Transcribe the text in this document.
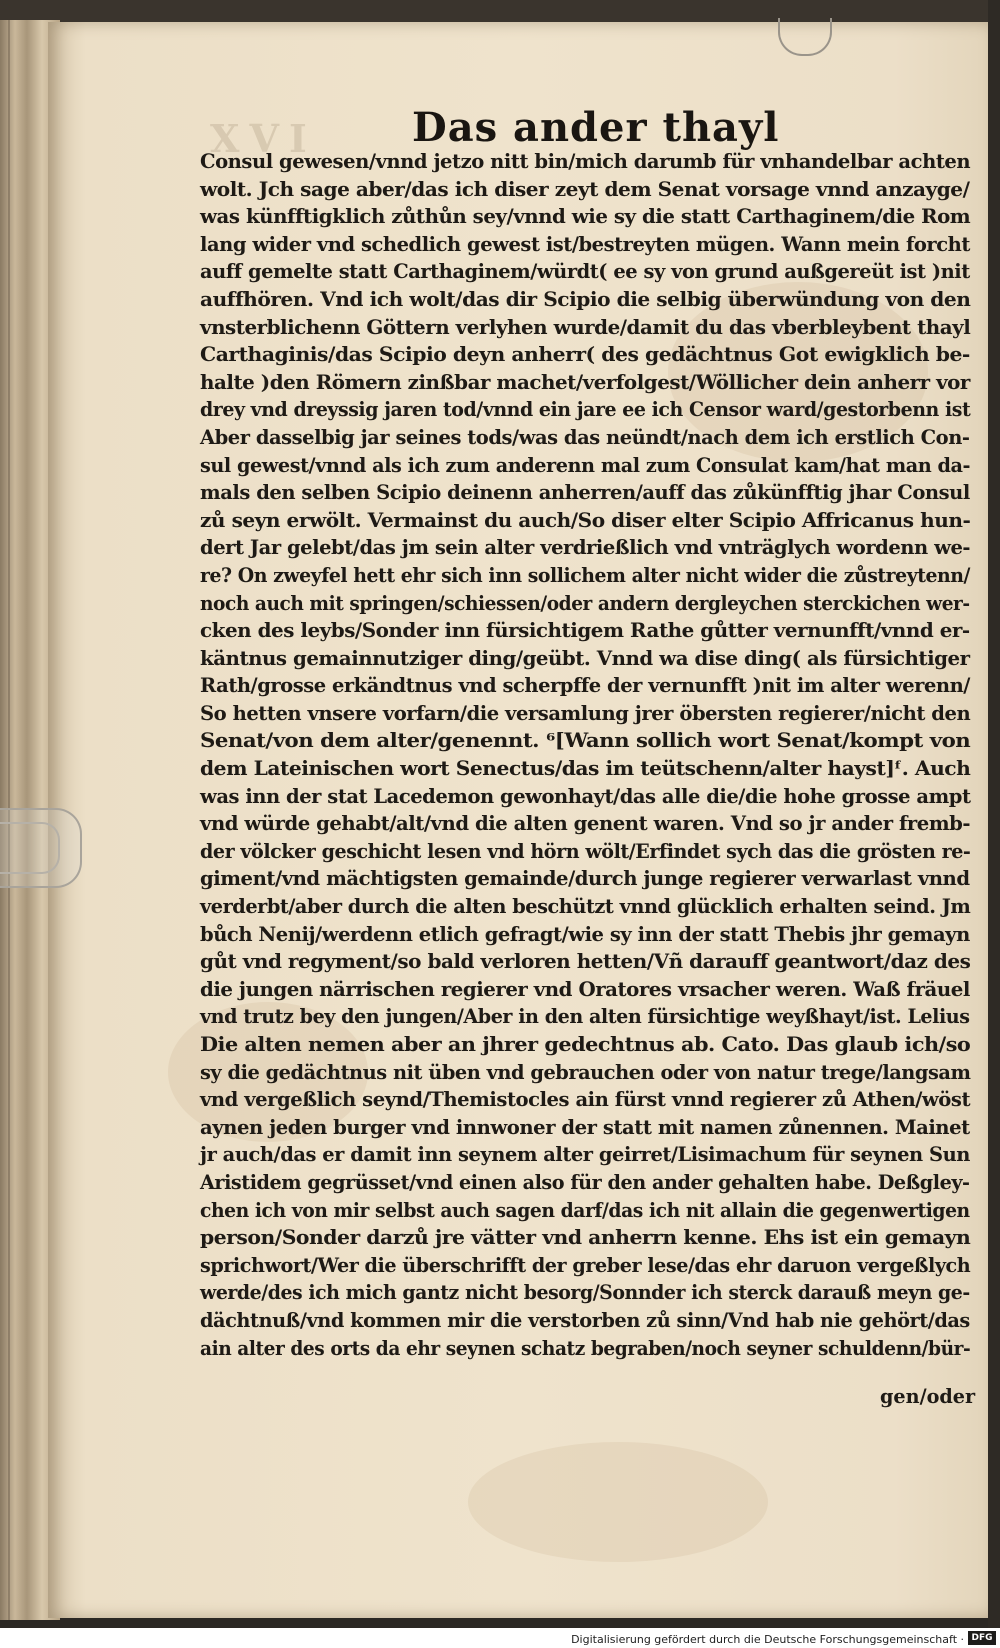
XVI Das ander thayl
Consul gewesen/vnnd jetzo nitt bin/mich darumb für vnhandelbar achten
wolt. Jch sage aber/das ich diser zeyt dem Senat vorsage vnnd anzayge/
was künfftigklich zůthůn sey/vnnd wie sy die statt Carthaginem/die Rom
lang wider vnd schedlich gewest ist/bestreyten mügen. Wann mein forcht
auff gemelte statt Carthaginem/würdt( ee sy von grund außgereüt ist )nit
auffhören. Vnd ich wolt/das dir Scipio die selbig überwündung von den
vnsterblichenn Göttern verlyhen wurde/damit du das vberbleybent thayl
Carthaginis/das Scipio deyn anherr( des gedächtnus Got ewigklich be-
halte )den Römern zinßbar machet/verfolgest/Wöllicher dein anherr vor
drey vnd dreyssig jaren tod/vnnd ein jare ee ich Censor ward/gestorbenn ist
Aber dasselbig jar seines tods/was das neündt/nach dem ich erstlich Con-
sul gewest/vnnd als ich zum anderenn mal zum Consulat kam/hat man da-
mals den selben Scipio deinenn anherren/auff das zůkünfftig jhar Consul
zů seyn erwölt. Vermainst du auch/So diser elter Scipio Affricanus hun-
dert Jar gelebt/das jm sein alter verdrießlich vnd vnträglych wordenn we-
re? On zweyfel hett ehr sich inn sollichem alter nicht wider die zůstreytenn/
noch auch mit springen/schiessen/oder andern dergleychen sterckichen wer-
cken des leybs/Sonder inn fürsichtigem Rathe gůtter vernunfft/vnnd er-
käntnus gemainnutziger ding/geübt. Vnnd wa dise ding( als fürsichtiger
Rath/grosse erkändtnus vnd scherpffe der vernunfft )nit im alter werenn/
So hetten vnsere vorfarn/die versamlung jrer öbersten regierer/nicht den
Senat/von dem alter/genennt. ⁶[Wann sollich wort Senat/kompt von
dem Lateinischen wort Senectus/das im teütschenn/alter hayst]ᶠ. Auch
was inn der stat Lacedemon gewonhayt/das alle die/die hohe grosse ampt
vnd würde gehabt/alt/vnd die alten genent waren. Vnd so jr ander fremb-
der völcker geschicht lesen vnd hörn wölt/Erfindet sych das die grösten re-
giment/vnd mächtigsten gemainde/durch junge regierer verwarlast vnnd
verderbt/aber durch die alten beschützt vnnd glücklich erhalten seind. Jm
bůch Nenij/werdenn etlich gefragt/wie sy inn der statt Thebis jhr gemayn
gůt vnd regyment/so bald verloren hetten/Vñ darauff geantwort/daz des
die jungen närrischen regierer vnd Oratores vrsacher weren. Waß fräuel
vnd trutz bey den jungen/Aber in den alten fürsichtige weyßhayt/ist. Lelius
Die alten nemen aber an jhrer gedechtnus ab. Cato. Das glaub ich/so
sy die gedächtnus nit üben vnd gebrauchen oder von natur trege/langsam
vnd vergeßlich seynd/Themistocles ain fürst vnnd regierer zů Athen/wöst
aynen jeden burger vnd innwoner der statt mit namen zůnennen. Mainet
jr auch/das er damit inn seynem alter geirret/Lisimachum für seynen Sun
Aristidem gegrüsset/vnd einen also für den ander gehalten habe. Deßgley-
chen ich von mir selbst auch sagen darf/das ich nit allain die gegenwertigen
person/Sonder darzů jre vätter vnd anherrn kenne. Ehs ist ein gemayn
sprichwort/Wer die überschrifft der greber lese/das ehr daruon vergeßlych
werde/des ich mich gantz nicht besorg/Sonnder ich sterck darauß meyn ge-
dächtnuß/vnd kommen mir die verstorben zů sinn/Vnd hab nie gehört/das
ain alter des orts da ehr seynen schatz begraben/noch seyner schuldenn/bür-
gen/oder
Digitalisierung gefördert durch die Deutsche Forschungsgemeinschaft · DFG
